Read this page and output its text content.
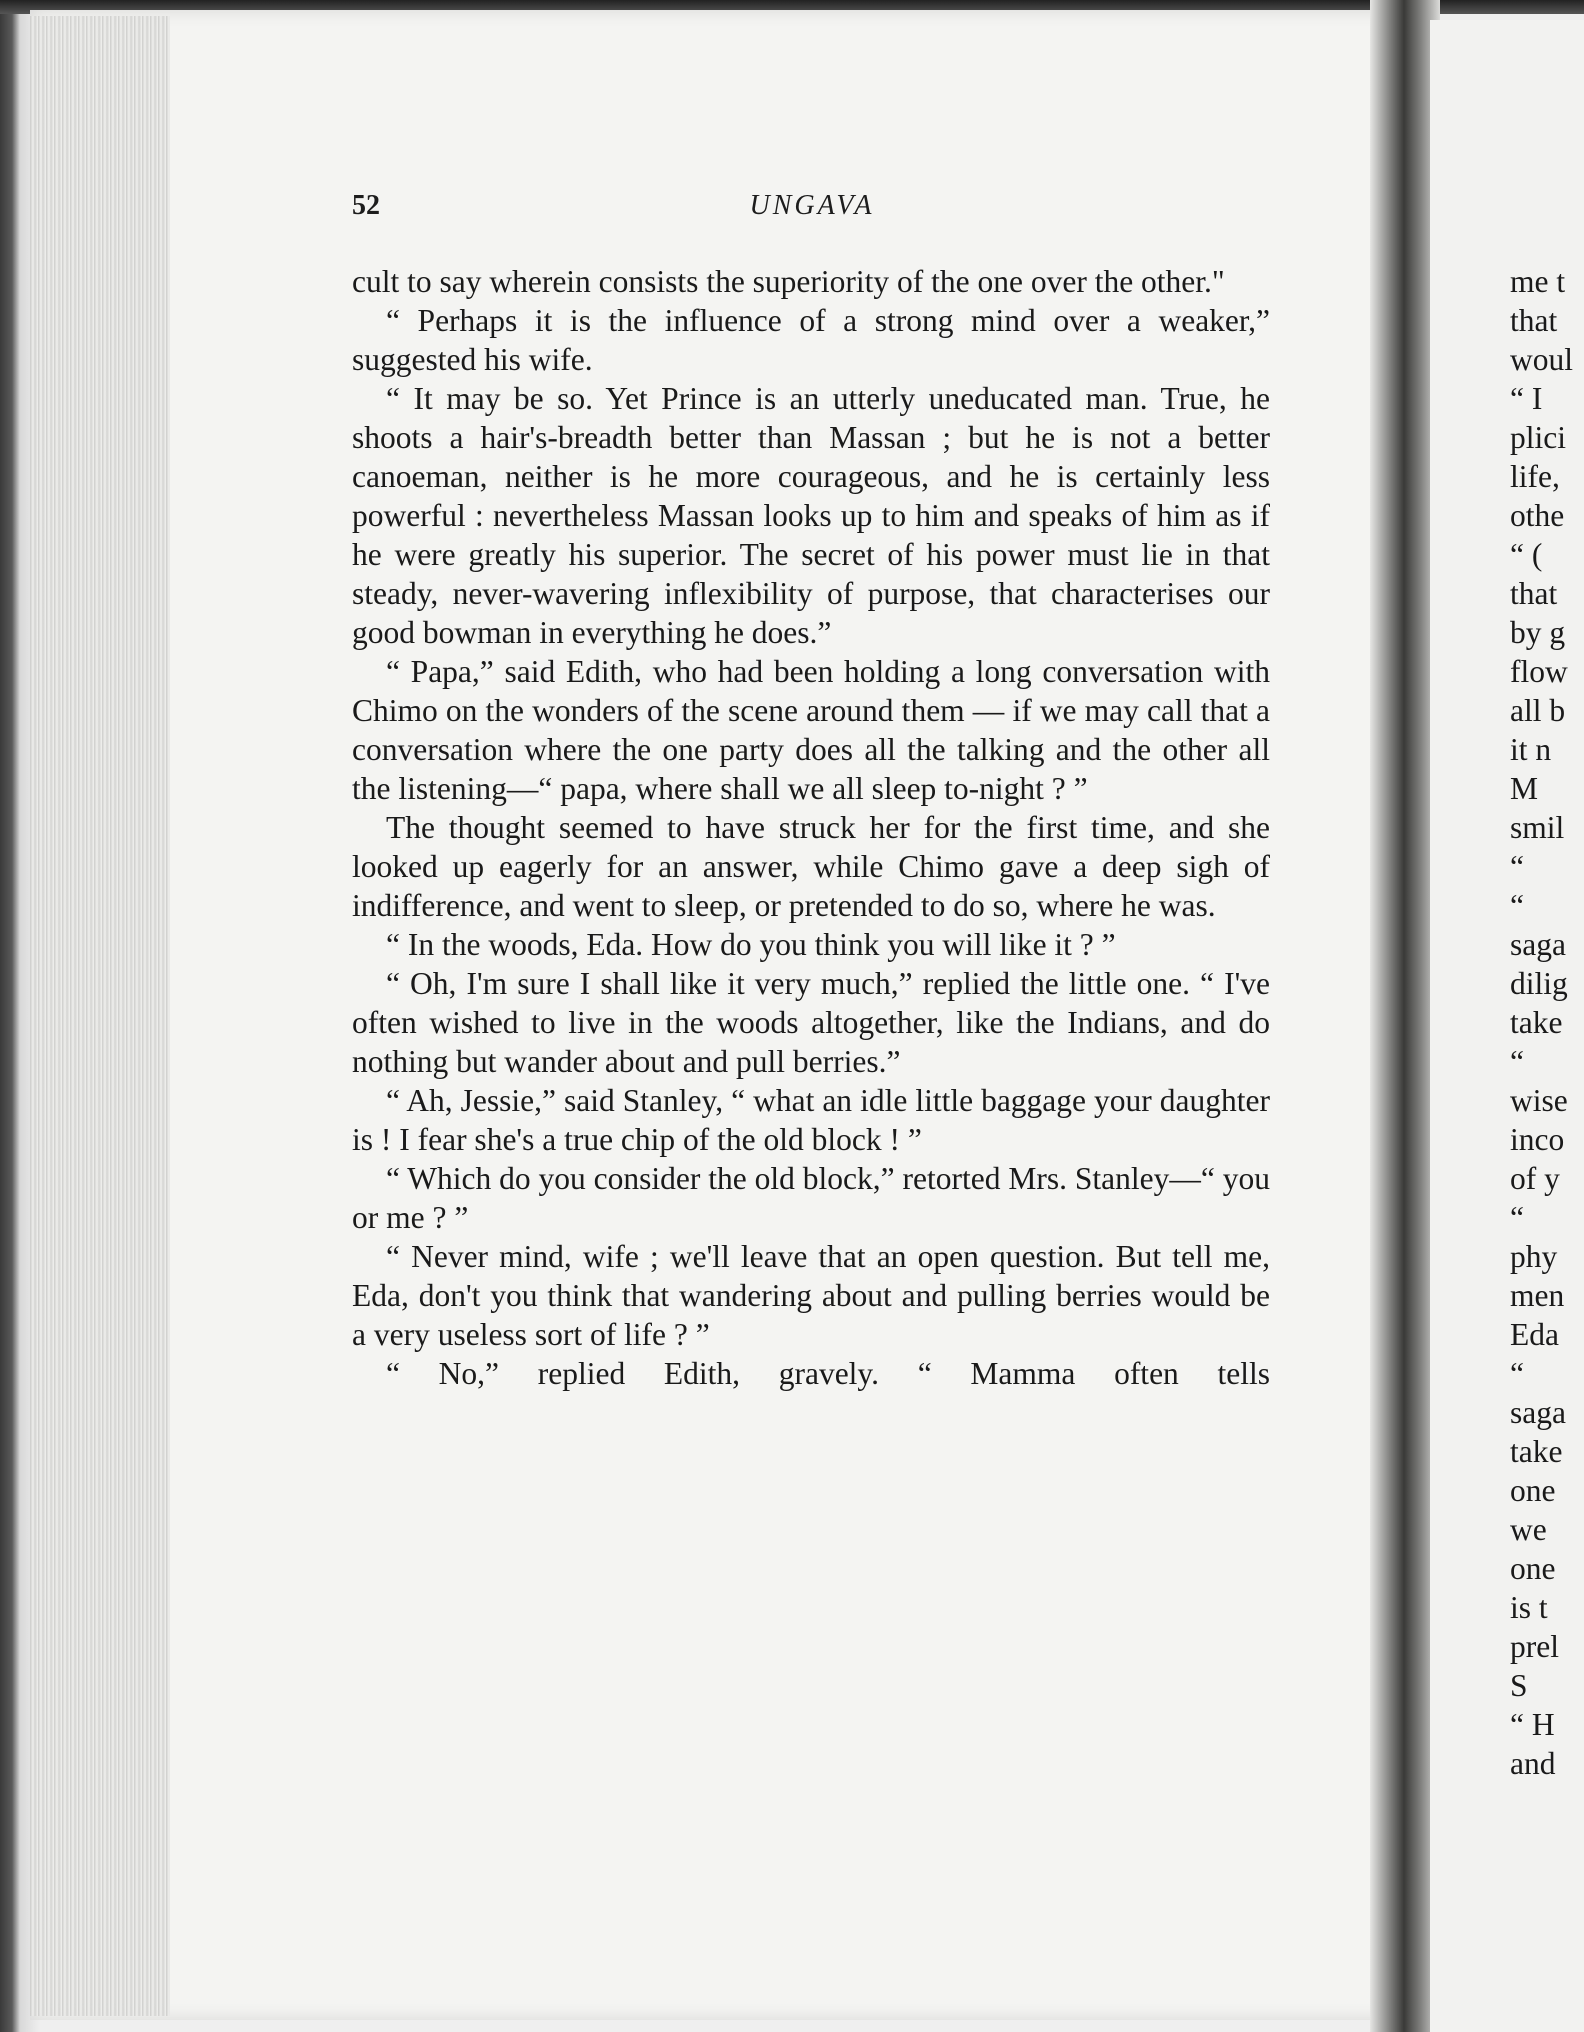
52	UNGAVA

cult to say wherein consists the superiority of the one over the other."

“ Perhaps it is the influence of a strong mind over a weaker,” suggested his wife.

“ It may be so. Yet Prince is an utterly uneducated man. True, he shoots a hair's-breadth better than Massan ; but he is not a better canoeman, neither is he more courageous, and he is certainly less powerful : nevertheless Massan looks up to him and speaks of him as if he were greatly his superior. The secret of his power must lie in that steady, never-wavering inflexibility of purpose, that characterises our good bowman in everything he does.”

“ Papa,” said Edith, who had been holding a long conversation with Chimo on the wonders of the scene around them — if we may call that a conversation where the one party does all the talking and the other all the listening—“ papa, where shall we all sleep to-night ? ”

The thought seemed to have struck her for the first time, and she looked up eagerly for an answer, while Chimo gave a deep sigh of indifference, and went to sleep, or pretended to do so, where he was.

“ In the woods, Eda. How do you think you will like it ? ”

“ Oh, I'm sure I shall like it very much,” replied the little one. “ I've often wished to live in the woods altogether, like the Indians, and do nothing but wander about and pull berries.”

“ Ah, Jessie,” said Stanley, “ what an idle little baggage your daughter is ! I fear she's a true chip of the old block ! ”

“ Which do you consider the old block,” retorted Mrs. Stanley—“ you or me ? ”

“ Never mind, wife ; we'll leave that an open question. But tell me, Eda, don't you think that wandering about and pulling berries would be a very useless sort of life ? ”

“ No,” replied Edith, gravely. “ Mamma often tells

me t
that
woul
“ I
plici
life,
othe
“ (
that
by g
flow
all b
it n
M
smil
“
“
saga
dilig
take
“
wise
inco
of y
“
phy
men
Eda
“
saga
take
one
we
one
is t
prel
S
“ H
and
